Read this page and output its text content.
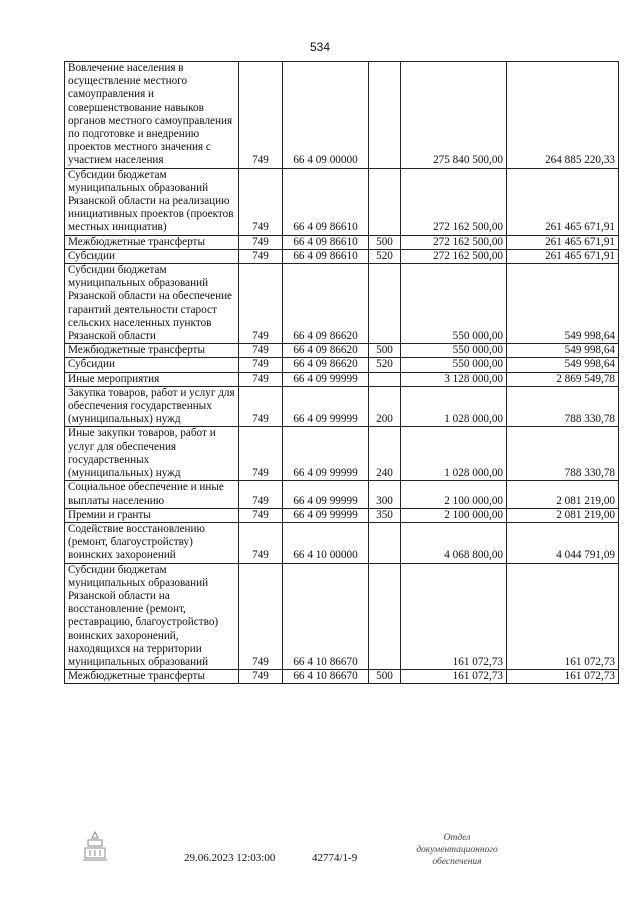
534
Вовлечение населения в осуществление местного самоуправления и совершенствование навыков органов местного самоуправления по подготовке и внедрению проектов местного значения с участием населения	749	66 4 09 00000		275 840 500,00	264 885 220,33
Субсидии бюджетам муниципальных образований Рязанской области на реализацию инициативных проектов (проектов местных инициатив)	749	66 4 09 86610		272 162 500,00	261 465 671,91
Межбюджетные трансферты	749	66 4 09 86610	500	272 162 500,00	261 465 671,91
Субсидии	749	66 4 09 86610	520	272 162 500,00	261 465 671,91
Субсидии бюджетам муниципальных образований Рязанской области на обеспечение гарантий деятельности старост сельских населенных пунктов Рязанской области	749	66 4 09 86620		550 000,00	549 998,64
Межбюджетные трансферты	749	66 4 09 86620	500	550 000,00	549 998,64
Субсидии	749	66 4 09 86620	520	550 000,00	549 998,64
Иные мероприятия	749	66 4 09 99999		3 128 000,00	2 869 549,78
Закупка товаров, работ и услуг для обеспечения государственных (муниципальных) нужд	749	66 4 09 99999	200	1 028 000,00	788 330,78
Иные закупки товаров, работ и услуг для обеспечения государственных (муниципальных) нужд	749	66 4 09 99999	240	1 028 000,00	788 330,78
Социальное обеспечение и иные выплаты населению	749	66 4 09 99999	300	2 100 000,00	2 081 219,00
Премии и гранты	749	66 4 09 99999	350	2 100 000,00	2 081 219,00
Содействие восстановлению (ремонт, благоустройству) воинских захоронений	749	66 4 10 00000		4 068 800,00	4 044 791,09
Субсидии бюджетам муниципальных образований Рязанской области на восстановление (ремонт, реставрацию, благоустройство) воинских захоронений, находящихся на территории муниципальных образований	749	66 4 10 86670		161 072,73	161 072,73
Межбюджетные трансферты	749	66 4 10 86670	500	161 072,73	161 072,73
Отдел документационного
обеспечения
29.06.2023 12:03:00	42774/1-9
